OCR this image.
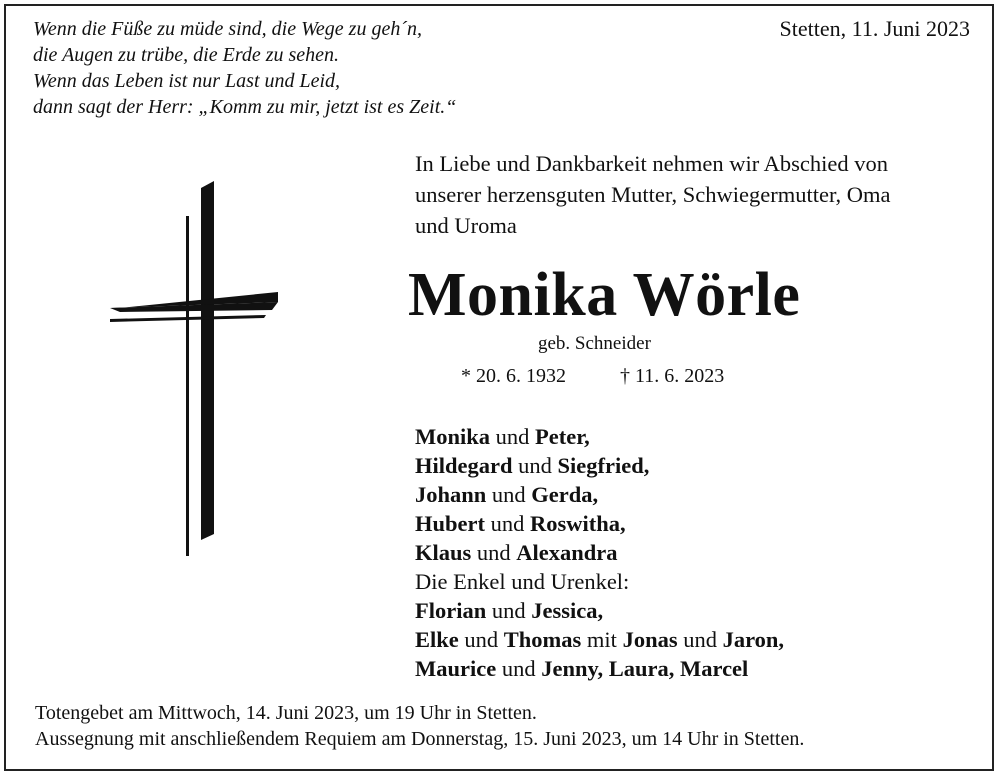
Wenn die Füße zu müde sind, die Wege zu geh´n,
die Augen zu trübe, die Erde zu sehen.
Wenn das Leben ist nur Last und Leid,
dann sagt der Herr: „Komm zu mir, jetzt ist es Zeit.“
Stetten, 11. Juni 2023
In Liebe und Dankbarkeit nehmen wir Abschied von
unserer herzensguten Mutter, Schwiegermutter, Oma
und Uroma
Monika Wörle
geb. Schneider
* 20. 6. 1932	† 11. 6. 2023
Monika und Peter,
Hildegard und Siegfried,
Johann und Gerda,
Hubert und Roswitha,
Klaus und Alexandra
Die Enkel und Urenkel:
Florian und Jessica,
Elke und Thomas mit Jonas und Jaron,
Maurice und Jenny, Laura, Marcel
Totengebet am Mittwoch, 14. Juni 2023, um 19 Uhr in Stetten.
Aussegnung mit anschließendem Requiem am Donnerstag, 15. Juni 2023, um 14 Uhr in Stetten.
